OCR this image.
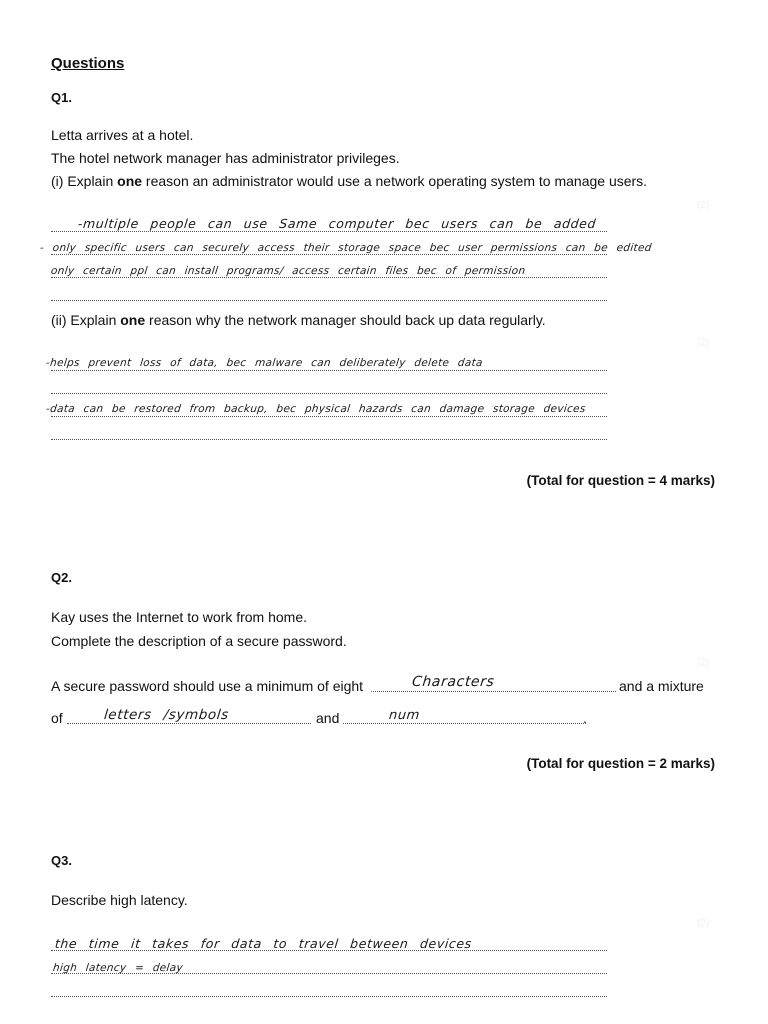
Questions
Q1.
Letta arrives at a hotel.
The hotel network manager has administrator privileges.
(i) Explain one reason an administrator would use a network operating system to manage users.
(2)
-multiple people can use Same computer bec users can be added
- only specific users can securely access their storage space bec user permissions can be edited
only certain ppl can install programs/ access certain files bec of permission
(ii) Explain one reason why the network manager should back up data regularly.
(2)
-helps prevent loss of data, bec malware can deliberately delete data
-data can be restored from backup, bec physical hazards can damage storage devices
(Total for question = 4 marks)
Q2.
Kay uses the Internet to work from home.
Complete the description of a secure password.
(2)
A secure password should use a minimum of eight	Characters	and a mixture
of	letters /symbols	and	num	.
(Total for question = 2 marks)
Q3.
Describe high latency.
(2)
the time it takes for data to travel between devices
high latency = delay
